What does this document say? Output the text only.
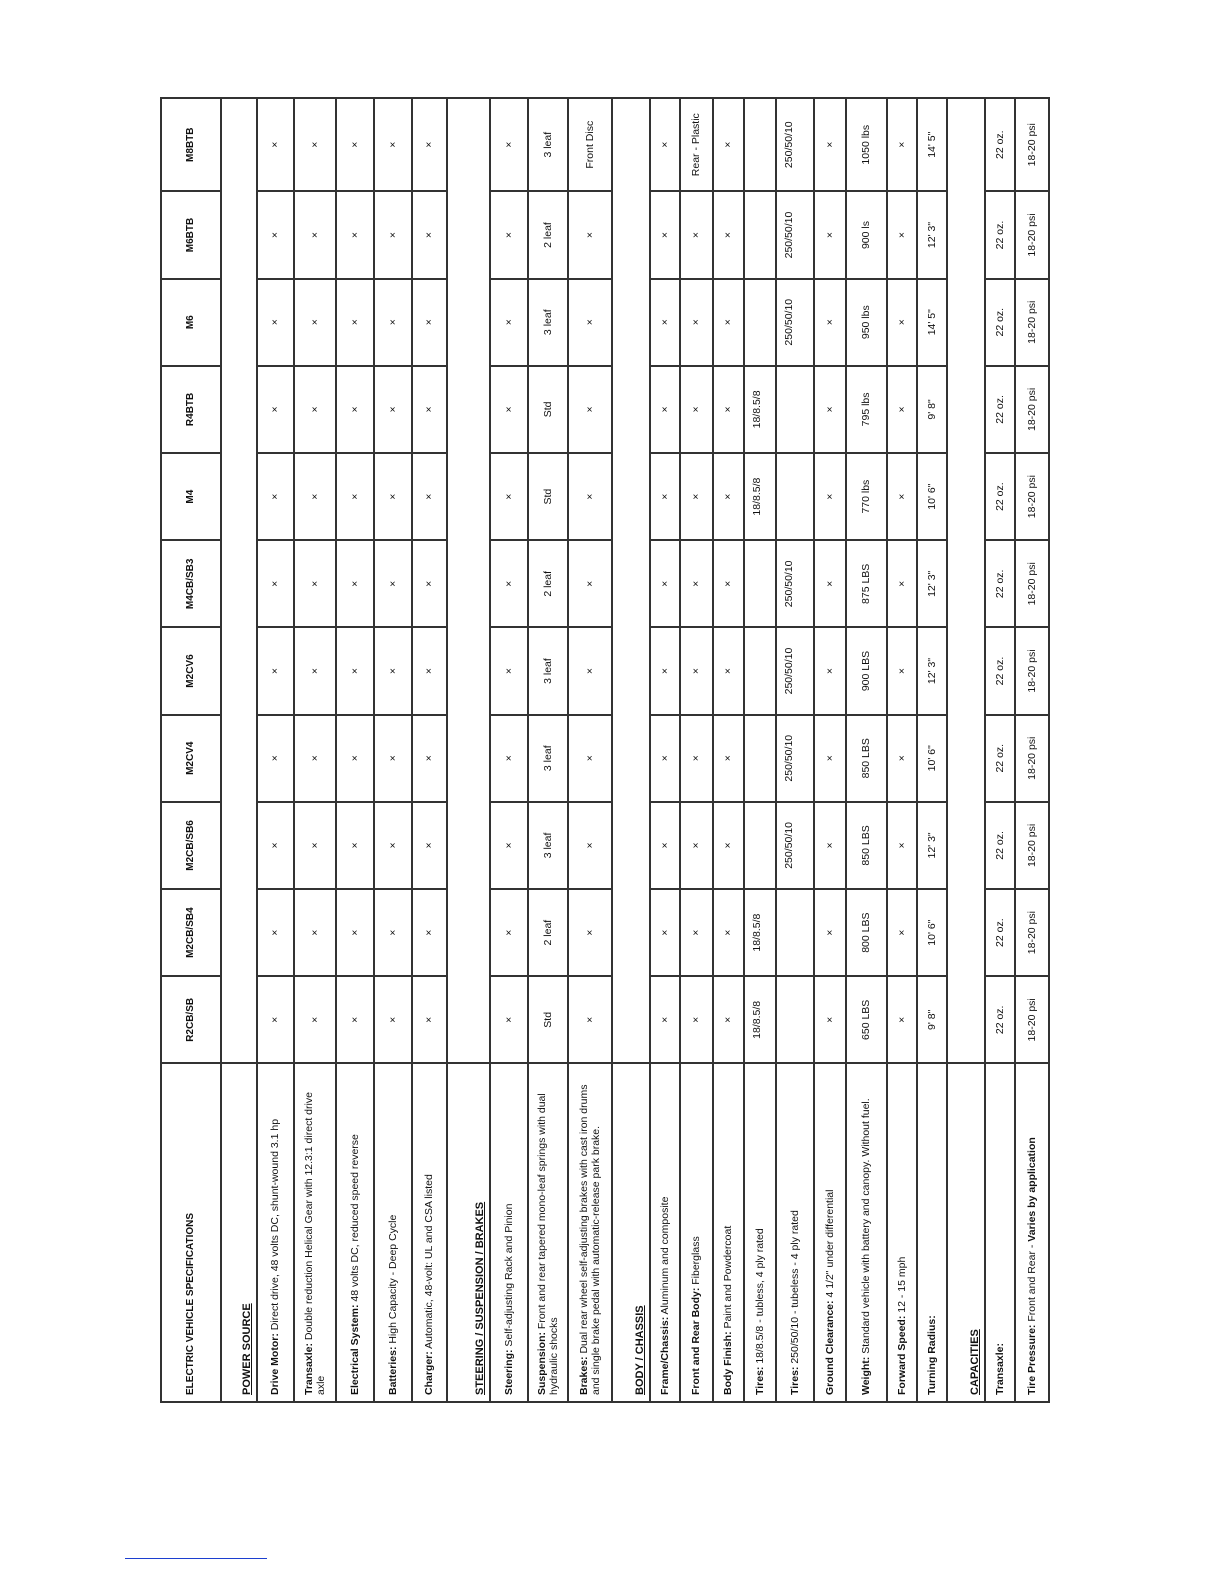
ELECTRIC VEHICLE SPECIFICATIONS	R2CB/SB	M2CB/SB4	M2CB/SB6	M2CV4	M2CV6	M4CB/SB3	M4	R4BTB	M6	M6BTB	M8BTB
POWER SOURCE											
Drive Motor: Direct drive, 48 volts DC, shunt-wound 3.1 hp	×	×	×	×	×	×	×	×	×	×	×
Transaxle: Double reduction Helical Gear with 12.3:1 direct drive axle	×	×	×	×	×	×	×	×	×	×	×
Electrical System: 48 volts DC, reduced speed reverse	×	×	×	×	×	×	×	×	×	×	×
Batteries: High Capacity - Deep Cycle	×	×	×	×	×	×	×	×	×	×	×
Charger: Automatic, 48-volt: UL and CSA listed	×	×	×	×	×	×	×	×	×	×	×
STEERING / SUSPENSION / BRAKES											
Steering: Self-adjusting Rack and Pinion	×	×	×	×	×	×	×	×	×	×	×
Suspension: Front and rear tapered mono-leaf springs with dual hydraulic shocks	Std	2 leaf	3 leaf	3 leaf	3 leaf	2 leaf	Std	Std	3 leaf	2 leaf	3 leaf
Brakes: Dual rear wheel self-adjusting brakes with cast iron drums and single brake pedal with automatic-release park brake.	×	×	×	×	×	×	×	×	×	×	Front Disc
BODY / CHASSIS											
Frame/Chassis: Aluminum and composite	×	×	×	×	×	×	×	×	×	×	×
Front and Rear Body: Fiberglass	×	×	×	×	×	×	×	×	×	×	Rear - Plastic
Body Finish: Paint and Powdercoat	×	×	×	×	×	×	×	×	×	×	×
Tires: 18/8.5/8 - tubless, 4 ply rated	18/8.5/8	18/8.5/8					18/8.5/8	18/8.5/8			
Tires: 250/50/10 - tubeless - 4 ply rated			250/50/10	250/50/10	250/50/10	250/50/10			250/50/10	250/50/10	250/50/10
Ground Clearance: 4 1/2" under differential	×	×	×	×	×	×	×	×	×	×	×
Weight: Standard vehicle with battery and canopy. Without fuel.	650 LBS	800 LBS	850 LBS	850 LBS	900 LBS	875 LBS	770 lbs	795 lbs	950 lbs	900 ls	1050 lbs
Forward Speed: 12 - 15 mph	×	×	×	×	×	×	×	×	×	×	×
Turning Radius:	9' 8"	10' 6"	12' 3"	10' 6"	12' 3"	12' 3"	10' 6"	9' 8"	14' 5"	12' 3"	14' 5"
CAPACITIES											
Transaxle:	22 oz.	22 oz.	22 oz.	22 oz.	22 oz.	22 oz.	22 oz.	22 oz.	22 oz.	22 oz.	22 oz.
Tire Pressure: Front and Rear - Varies by application	18-20 psi	18-20 psi	18-20 psi	18-20 psi	18-20 psi	18-20 psi	18-20 psi	18-20 psi	18-20 psi	18-20 psi	18-20 psi
